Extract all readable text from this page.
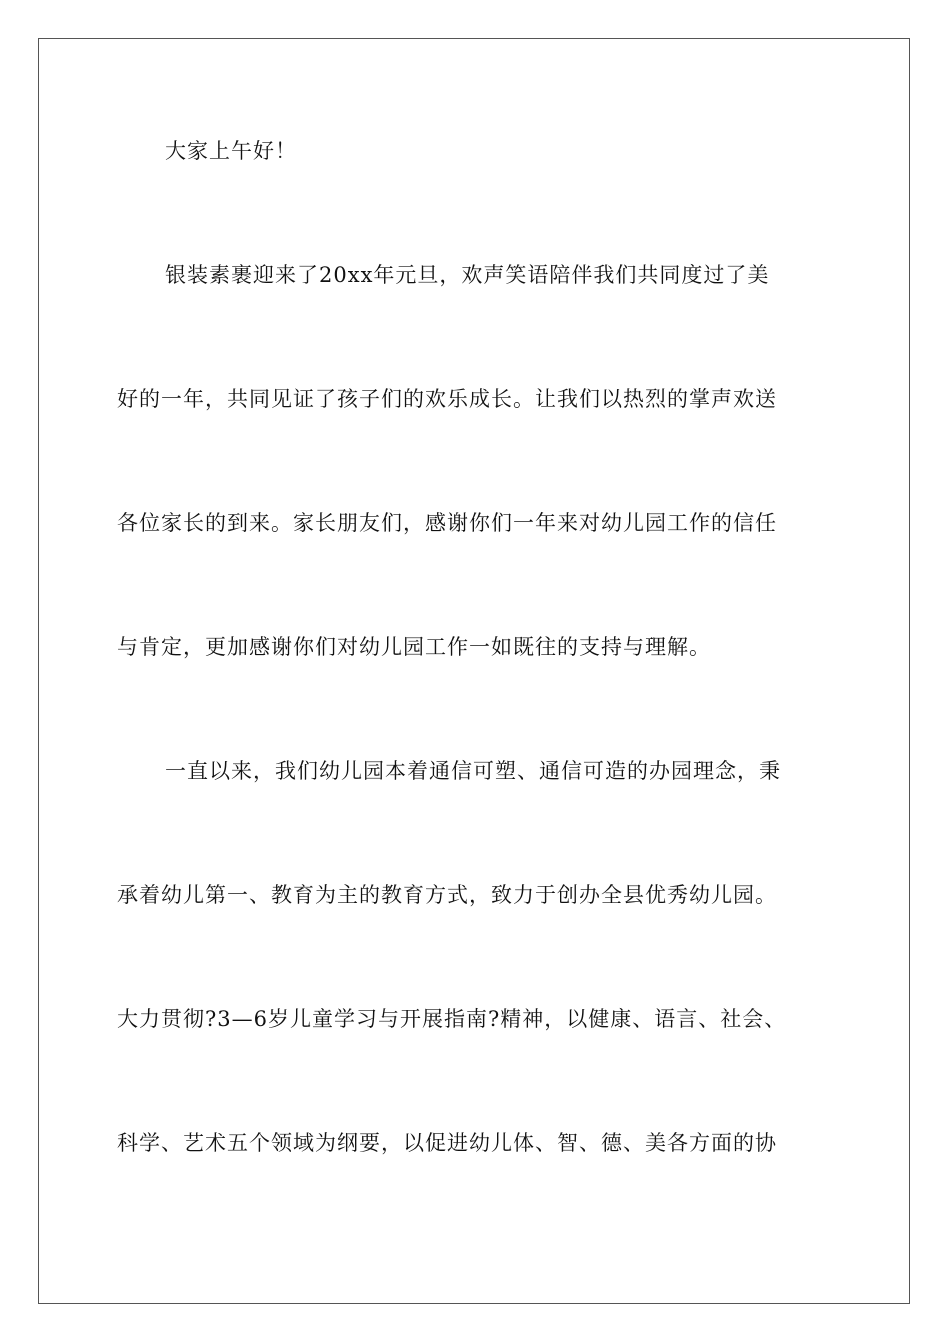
大家上午好！
银装素裹迎来了20xx年元旦，欢声笑语陪伴我们共同度过了美
好的一年，共同见证了孩子们的欢乐成长。让我们以热烈的掌声欢送
各位家长的到来。家长朋友们，感谢你们一年来对幼儿园工作的信任
与肯定，更加感谢你们对幼儿园工作一如既往的支持与理解。
一直以来，我们幼儿园本着通信可塑、通信可造的办园理念，秉
承着幼儿第一、教育为主的教育方式，致力于创办全县优秀幼儿园。
大力贯彻?3—6岁儿童学习与开展指南?精神，以健康、语言、社会、
科学、艺术五个领域为纲要，以促进幼儿体、智、德、美各方面的协
